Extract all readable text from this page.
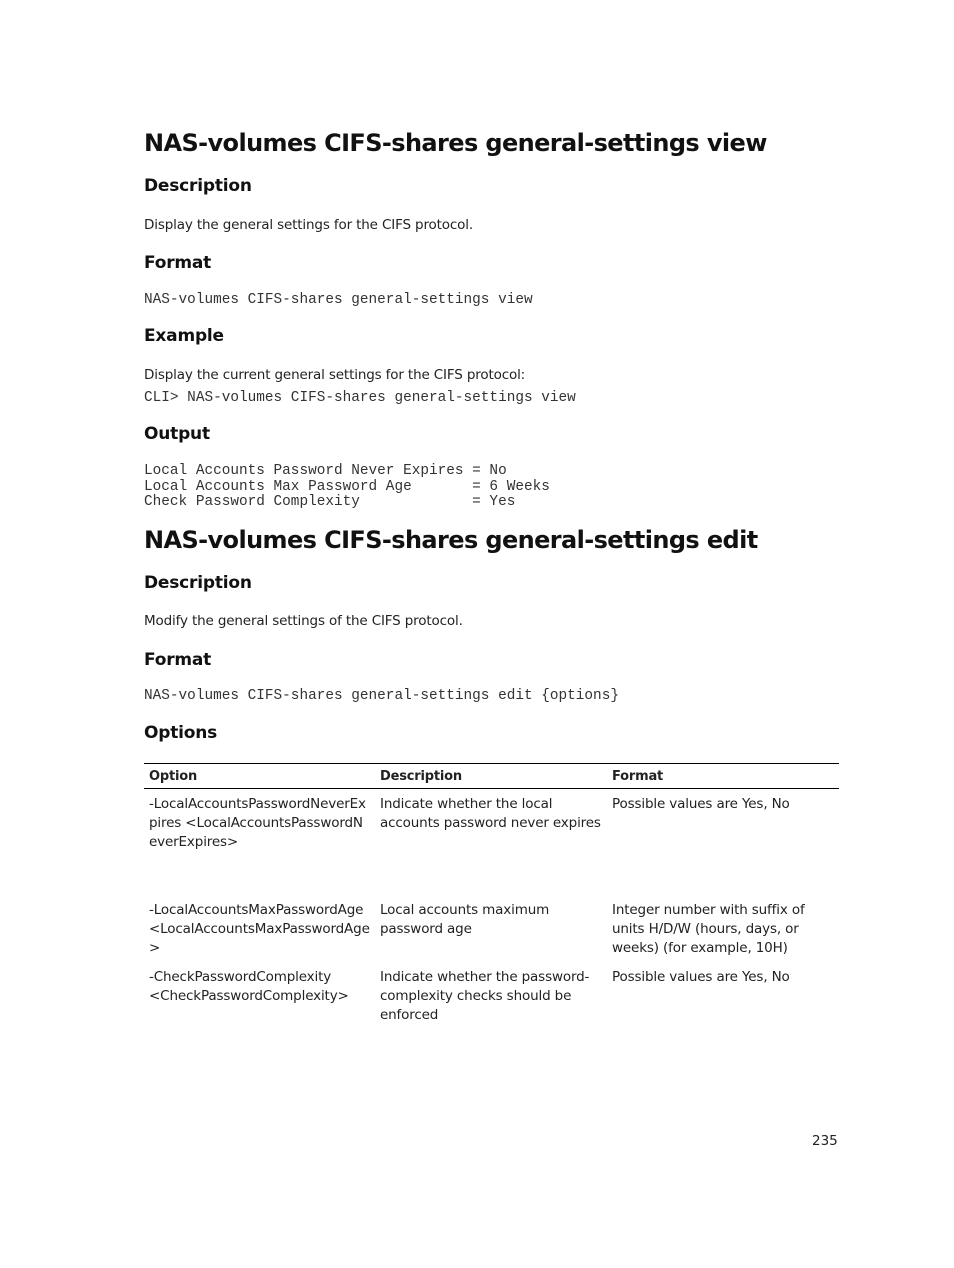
NAS-volumes CIFS-shares general-settings view
Description

Display the general settings for the CIFS protocol.

Format
NAS-volumes CIFS-shares general-settings view
Example

Display the current general settings for the CIFS protocol:

CLI> NAS-volumes CIFS-shares general-settings view
Output
Local Accounts Password Never Expires = No
Local Accounts Max Password Age       = 6 Weeks
Check Password Complexity             = Yes
NAS-volumes CIFS-shares general-settings edit
Description

Modify the general settings of the CIFS protocol.

Format
NAS-volumes CIFS-shares general-settings edit {options}
Options
Option	Description	Format
-LocalAccountsPasswordNeverExpires <LocalAccountsPasswordNeverExpires>	Indicate whether the local accounts password never expires	Possible values are Yes, No
-LocalAccountsMaxPasswordAge <LocalAccountsMaxPasswordAge>	Local accounts maximum password age	Integer number with suffix of units H/D/W (hours, days, or weeks) (for example, 10H)
-CheckPasswordComplexity <CheckPasswordComplexity>	Indicate whether the password-complexity checks should be enforced	Possible values are Yes, No
235
